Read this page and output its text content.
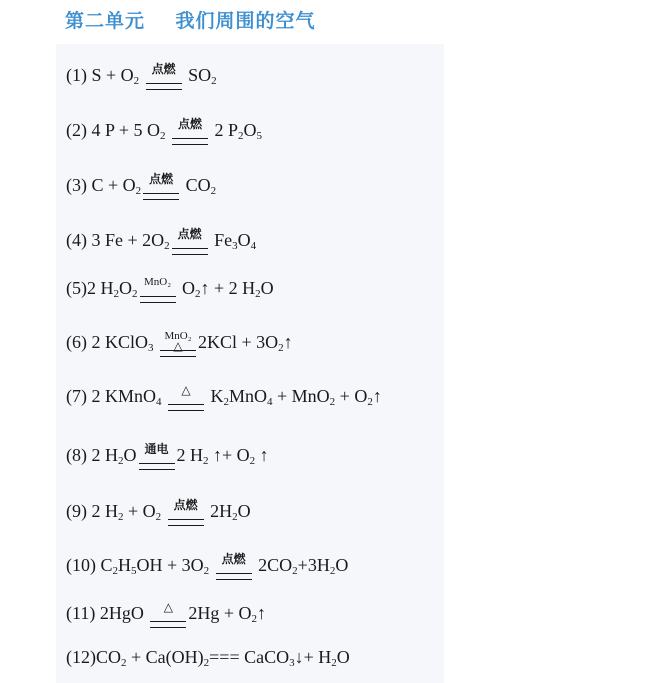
第二单元    我们周围的空气
(1) $S + O_2$
点燃 $SO_2$
(2) 4 P + 5 $O_2$
点燃 2 $P_2O_5$
(3) $C + O_2$
点燃 $CO_2$
(4) 3 $Fe + 2O_2$
点燃 $Fe_3O_4$
(5)2 $H_2O_2$
MnO₂ $O_2↑ + 2$ $H_2O$
(6) 2 KClO$_3$
MnO₂
△ $2KCl + 3O_2↑$
(7) 2 KMnO$_4$
△ $K_2MnO_4 + MnO_2$ + $O_2↑$
(8) 2 $H_2O$ 通电 2 $H_2$ ↑+ $O_2$ ↑
(9) 2 $H_2 + O_2$
点燃 $2H_2O$
(10) $C_2H_5OH + 3O_2$
点燃 $2CO_2+3H_2O$
(11) 2HgO	△ $2Hg + O_2↑$
$(12)CO_2 + Ca(OH)_2===$ CaCO$_3$↓+ $H_2O$
